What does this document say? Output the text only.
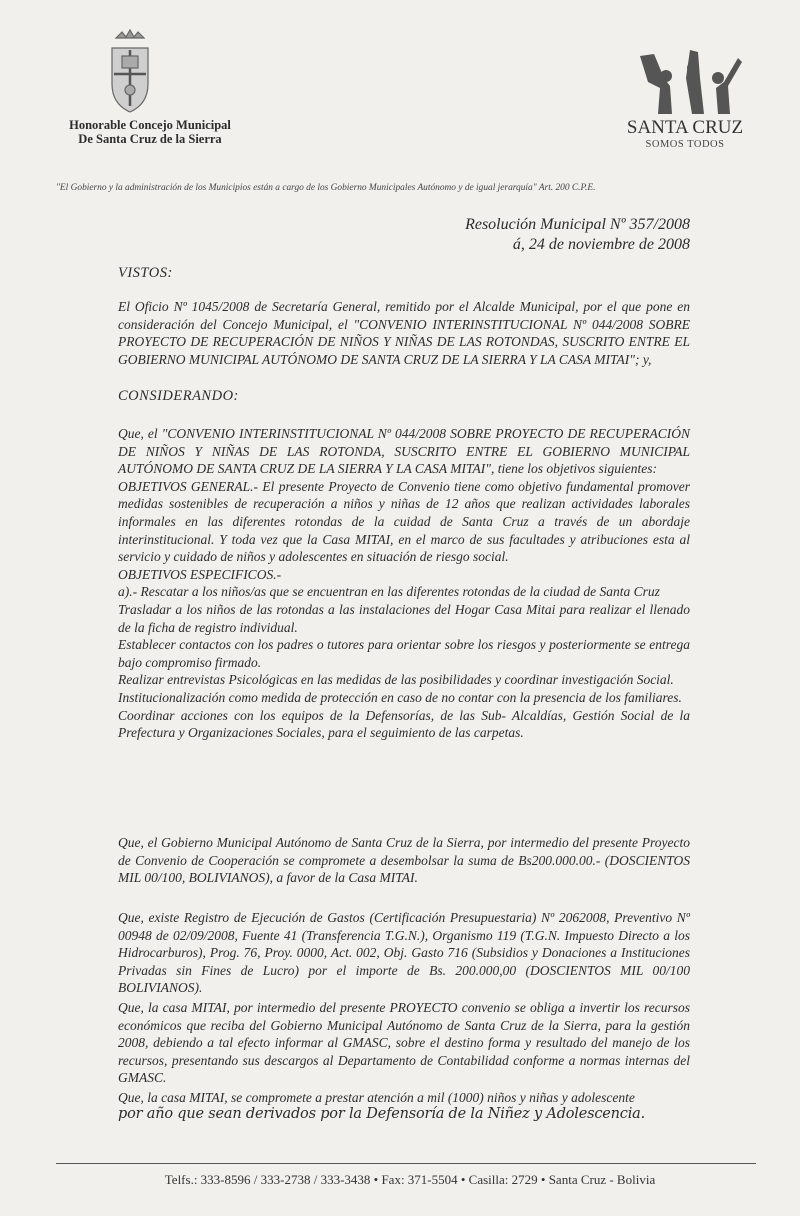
Honorable Concejo Municipal
De Santa Cruz de la Sierra
SANTA CRUZ
SOMOS TODOS
"El Gobierno y la administración de los Municipios están a cargo de los Gobierno Municipales Autónomo y de igual jerarquía" Art. 200 C.P.E.
Resolución Municipal Nº 357/2008
á, 24 de noviembre de 2008
VISTOS:
El Oficio Nº 1045/2008 de Secretaría General, remitido por el Alcalde Municipal, por el que pone en consideración del Concejo Municipal, el "CONVENIO INTERINSTITUCIONAL Nº 044/2008 SOBRE PROYECTO DE RECUPERACIÓN DE NIÑOS Y NIÑAS DE LAS ROTONDAS, SUSCRITO ENTRE EL GOBIERNO MUNICIPAL AUTÓNOMO DE SANTA CRUZ DE LA SIERRA Y LA CASA MITAI"; y,
CONSIDERANDO:
Que, el "CONVENIO INTERINSTITUCIONAL Nº 044/2008 SOBRE PROYECTO DE RECUPERACIÓN DE NIÑOS Y NIÑAS DE LAS ROTONDA, SUSCRITO ENTRE EL GOBIERNO MUNICIPAL AUTÓNOMO DE SANTA CRUZ DE LA SIERRA Y LA CASA MITAI", tiene los objetivos siguientes:
OBJETIVOS GENERAL.- El presente Proyecto de Convenio tiene como objetivo fundamental promover medidas sostenibles de recuperación a niños y niñas de 12 años que realizan actividades laborales informales en las diferentes rotondas de la cuidad de Santa Cruz a través de un abordaje interinstitucional. Y toda vez que la Casa MITAI, en el marco de sus facultades y atribuciones esta al servicio y cuidado de niños y adolescentes en situación de riesgo social.
OBJETIVOS ESPECIFICOS.-
a).- Rescatar a los niños/as que se encuentran en las diferentes rotondas de la ciudad de Santa Cruz
Trasladar a los niños de las rotondas a las instalaciones del Hogar Casa Mitai para realizar el llenado de la ficha de registro individual.
Establecer contactos con los padres o tutores para orientar sobre los riesgos y posteriormente se entrega bajo compromiso firmado.
Realizar entrevistas Psicológicas en las medidas de las posibilidades y coordinar investigación Social.
Institucionalización como medida de protección en caso de no contar con la presencia de los familiares.
Coordinar acciones con los equipos de la Defensorías, de las Sub- Alcaldías, Gestión Social de la Prefectura y Organizaciones Sociales, para el seguimiento de las carpetas.
Que, el Gobierno Municipal Autónomo de Santa Cruz de la Sierra, por intermedio del presente Proyecto de Convenio de Cooperación se compromete a desembolsar la suma de Bs200.000.00.- (DOSCIENTOS MIL 00/100, BOLIVIANOS), a favor de la Casa MITAI.
Que, existe Registro de Ejecución de Gastos (Certificación Presupuestaria) Nº 2062008, Preventivo Nº 00948 de 02/09/2008, Fuente 41 (Transferencia T.G.N.), Organismo 119 (T.G.N. Impuesto Directo a los Hidrocarburos), Prog. 76, Proy. 0000, Act. 002, Obj. Gasto 716 (Subsidios y Donaciones a Instituciones Privadas sin Fines de Lucro) por el importe de Bs. 200.000,00 (DOSCIENTOS MIL 00/100 BOLIVIANOS).
Que, la casa MITAI, por intermedio del presente PROYECTO convenio se obliga a invertir los recursos económicos que reciba del Gobierno Municipal Autónomo de Santa Cruz de la Sierra, para la gestión 2008, debiendo a tal efecto informar al GMASC, sobre el destino forma y resultado del manejo de los recursos, presentando sus descargos al Departamento de Contabilidad conforme a normas internas del GMASC.
Que, la casa MITAI, se compromete a prestar atención a mil (1000) niños y niñas y adolescente
por año que sean derivados por la Defensoría de la Niñez y Adolescencia.
Telfs.: 333-8596 / 333-2738 / 333-3438 • Fax: 371-5504 • Casilla: 2729 • Santa Cruz - Bolivia
